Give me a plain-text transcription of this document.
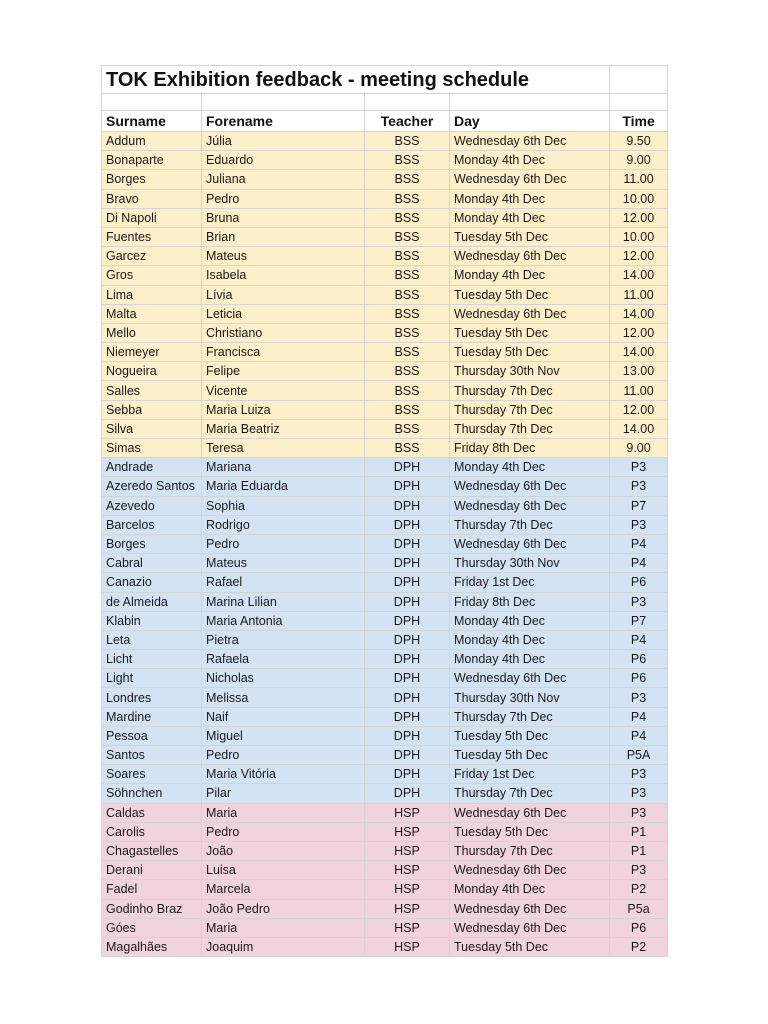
TOK Exhibition feedback - meeting schedule				

Surname	Forename	Teacher	Day	Time
Addum	Júlia	BSS	Wednesday 6th Dec	9.50
Bonaparte	Eduardo	BSS	Monday 4th Dec	9.00
Borges	Juliana	BSS	Wednesday 6th Dec	11.00
Bravo	Pedro	BSS	Monday 4th Dec	10.00
Di Napoli	Bruna	BSS	Monday 4th Dec	12.00
Fuentes	Brian	BSS	Tuesday 5th Dec	10.00
Garcez	Mateus	BSS	Wednesday 6th Dec	12.00
Gros	Isabela	BSS	Monday 4th Dec	14.00
Lima	Lívia	BSS	Tuesday 5th Dec	11.00
Malta	Leticia	BSS	Wednesday 6th Dec	14.00
Mello	Christiano	BSS	Tuesday 5th Dec	12.00
Niemeyer	Francisca	BSS	Tuesday 5th Dec	14.00
Nogueira	Felipe	BSS	Thursday 30th Nov	13.00
Salles	Vicente	BSS	Thursday 7th Dec	11.00
Sebba	Maria Luiza	BSS	Thursday 7th Dec	12.00
Silva	Maria Beatriz	BSS	Thursday 7th Dec	14.00
Simas	Teresa	BSS	Friday 8th Dec	9.00
Andrade	Mariana	DPH	Monday 4th Dec	P3
Azeredo Santos	Maria Eduarda	DPH	Wednesday 6th Dec	P3
Azevedo	Sophia	DPH	Wednesday 6th Dec	P7
Barcelos	Rodrigo	DPH	Thursday 7th Dec	P3
Borges	Pedro	DPH	Wednesday 6th Dec	P4
Cabral	Mateus	DPH	Thursday 30th Nov	P4
Canazio	Rafael	DPH	Friday 1st Dec	P6
de Almeida	Marina Lilian	DPH	Friday 8th Dec	P3
Klabin	Maria Antonia	DPH	Monday 4th Dec	P7
Leta	Pietra	DPH	Monday 4th Dec	P4
Licht	Rafaela	DPH	Monday 4th Dec	P6
Light	Nicholas	DPH	Wednesday 6th Dec	P6
Londres	Melissa	DPH	Thursday 30th Nov	P3
Mardine	Naif	DPH	Thursday 7th Dec	P4
Pessoa	Miguel	DPH	Tuesday 5th Dec	P4
Santos	Pedro	DPH	Tuesday 5th Dec	P5A
Soares	Maria Vitória	DPH	Friday 1st Dec	P3
Söhnchen	Pilar	DPH	Thursday 7th Dec	P3
Caldas	Maria	HSP	Wednesday 6th Dec	P3
Carolis	Pedro	HSP	Tuesday 5th Dec	P1
Chagastelles	João	HSP	Thursday 7th Dec	P1
Derani	Luisa	HSP	Wednesday 6th Dec	P3
Fadel	Marcela	HSP	Monday 4th Dec	P2
Godinho Braz	João Pedro	HSP	Wednesday 6th Dec	P5a
Góes	Maria	HSP	Wednesday 6th Dec	P6
Magalhães	Joaquim	HSP	Tuesday 5th Dec	P2
